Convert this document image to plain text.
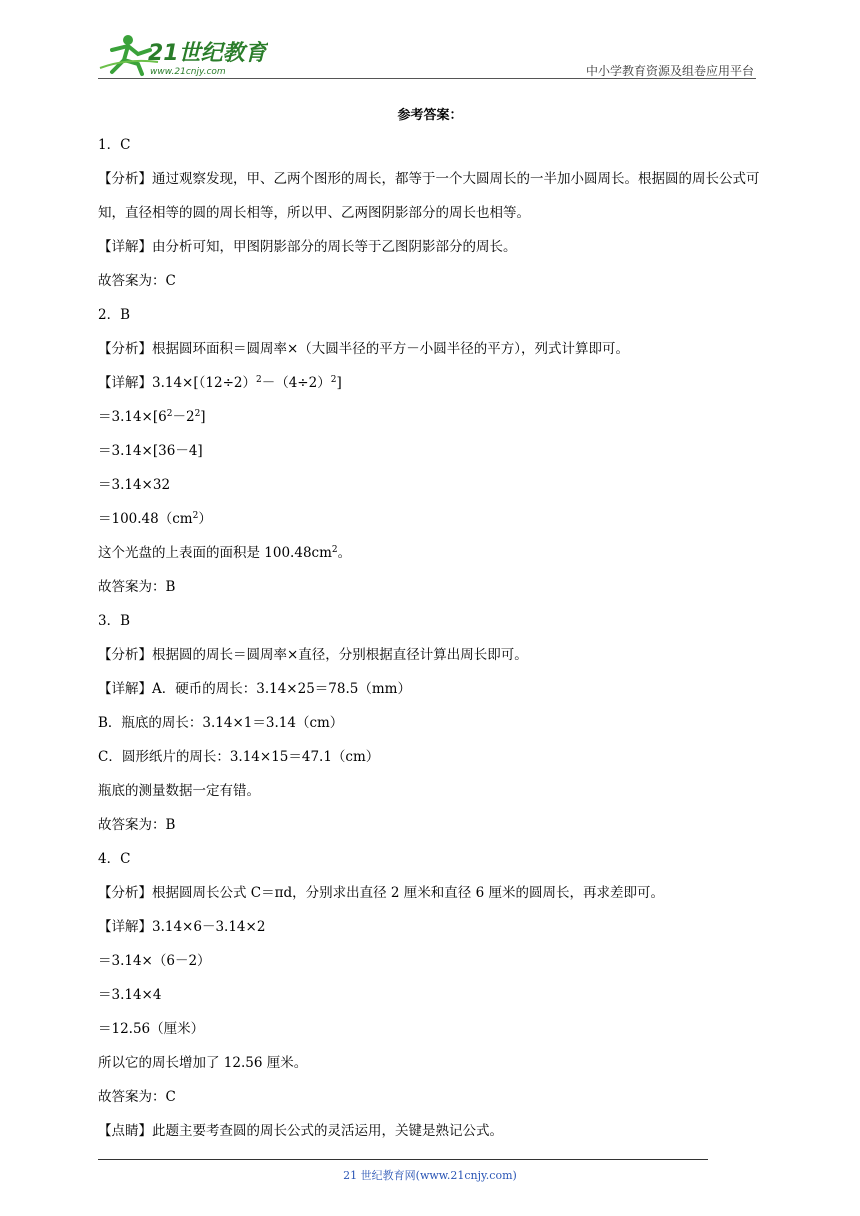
21世纪教育
www.21cnjy.com	中小学教育资源及组卷应用平台
参考答案：
1．C
【分析】通过观察发现，甲、乙两个图形的周长，都等于一个大圆周长的一半加小圆周长。根据圆的周长公式可知，直径相等的圆的周长相等，所以甲、乙两图阴影部分的周长也相等。
【详解】由分析可知，甲图阴影部分的周长等于乙图阴影部分的周长。
故答案为：C
2．B
【分析】根据圆环面积＝圆周率×（大圆半径的平方－小圆半径的平方），列式计算即可。
【详解】$3.14\times[(12\div 2)^2-(4\div 2)^2]$
$=3.14\times[6^2-2^2]$
＝3.14×[36－4]
＝3.14×32
$=100.48(cm^2)$
这个光盘的上表面的面积是 $100.48cm^2$。
故答案为：B
3．B
【分析】根据圆的周长＝圆周率×直径，分别根据直径计算出周长即可。
【详解】A．硬币的周长：3.14×25＝78.5（mm）
B．瓶底的周长：3.14×1＝3.14（cm）
C．圆形纸片的周长：3.14×15＝47.1（cm）
瓶底的测量数据一定有错。
故答案为：B
4．C
【分析】根据圆周长公式 C＝πd，分别求出直径 2 厘米和直径 6 厘米的圆周长，再求差即可。
【详解】3.14×6－3.14×2
＝3.14×（6－2）
＝3.14×4
＝12.56（厘米）
所以它的周长增加了 12.56 厘米。
故答案为：C
【点睛】此题主要考查圆的周长公式的灵活运用，关键是熟记公式。
21 世纪教育网(www.21cnjy.com)
